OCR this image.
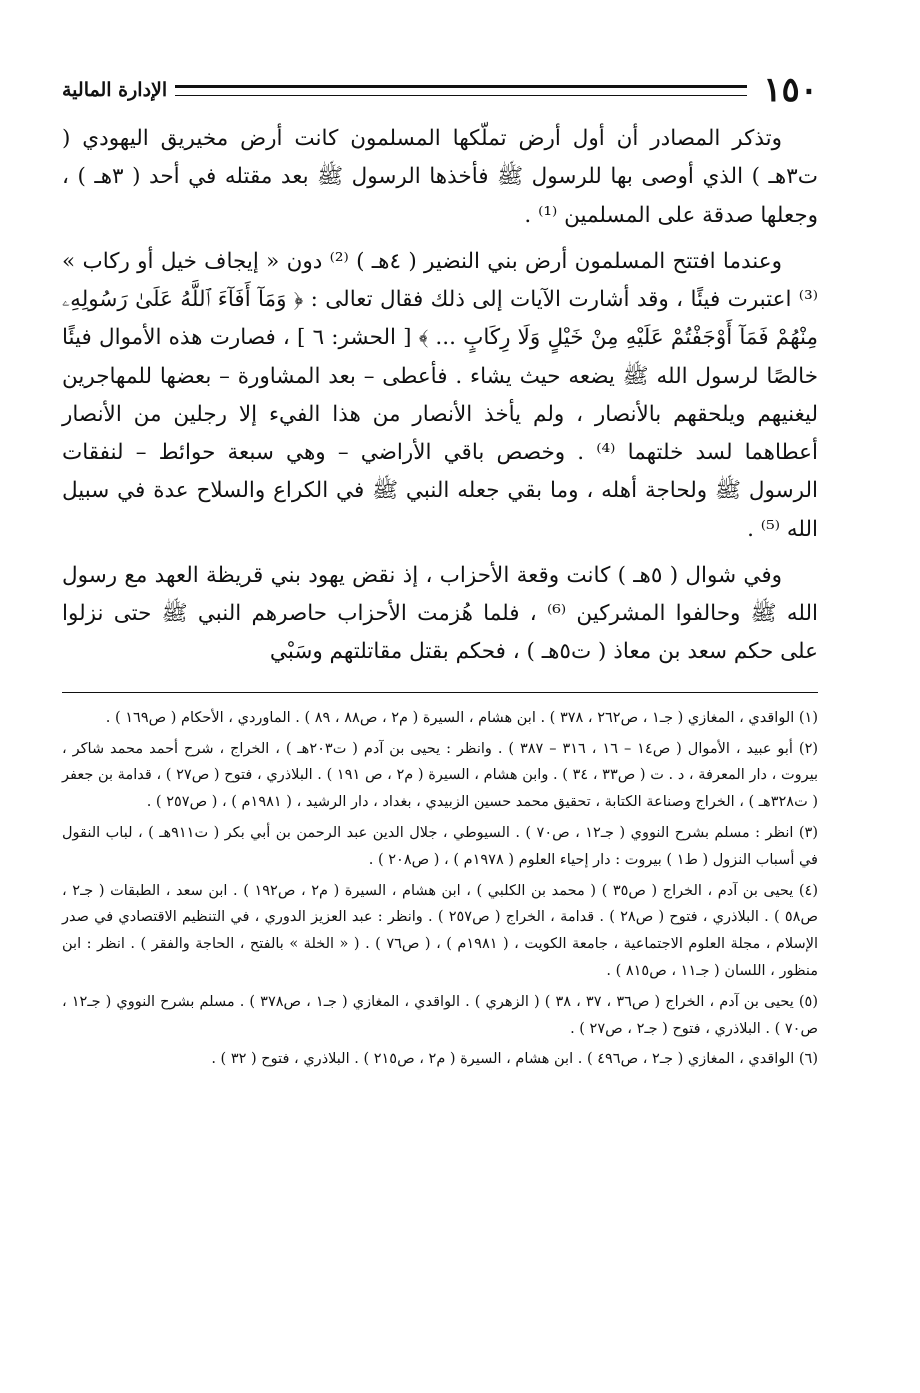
١٥٠
الإدارة المالية

وتذكر المصادر أن أول أرض تملّكها المسلمون كانت أرض مخيريق اليهودي ( ت٣هـ ) الذي أوصى بها للرسول ﷺ فأخذها الرسول ﷺ بعد مقتله في أحد ( ٣هـ ) ، وجعلها صدقة على المسلمين ⁽¹⁾ .

وعندما افتتح المسلمون أرض بني النضير ( ٤هـ ) ⁽²⁾ دون « إيجاف خيل أو ركاب » ⁽³⁾ اعتبرت فيئًا ، وقد أشارت الآيات إلى ذلك فقال تعالى : ﴿ وَمَآ أَفَآءَ ٱللَّهُ عَلَىٰ رَسُولِهِۦ مِنْهُمْ فَمَآ أَوْجَفْتُمْ عَلَيْهِ مِنْ خَيْلٍ وَلَا رِكَابٍ ... ﴾ [ الحشر: ٦ ] ، فصارت هذه الأموال فيئًا خالصًا لرسول الله ﷺ يضعه حيث يشاء . فأعطى – بعد المشاورة – بعضها للمهاجرين ليغنيهم ويلحقهم بالأنصار ، ولم يأخذ الأنصار من هذا الفيء إلا رجلين من الأنصار أعطاهما لسد خلتهما ⁽⁴⁾ . وخصص باقي الأراضي – وهي سبعة حوائط – لنفقات الرسول ﷺ ولحاجة أهله ، وما بقي جعله النبي ﷺ في الكراع والسلاح عدة في سبيل الله ⁽⁵⁾ .

وفي شوال ( ٥هـ ) كانت وقعة الأحزاب ، إذ نقض يهود بني قريظة العهد مع رسول الله ﷺ وحالفوا المشركين ⁽⁶⁾ ، فلما هُزمت الأحزاب حاصرهم النبي ﷺ حتى نزلوا على حكم سعد بن معاذ ( ت٥هـ ) ، فحكم بقتل مقاتلتهم وسَبْي

(١) الواقدي ، المغازي ( جـ١ ، ص٢٦٢ ، ٣٧٨ ) . ابن هشام ، السيرة ( م٢ ، ص٨٨ ، ٨٩ ) . الماوردي ، الأحكام ( ص١٦٩ ) .

(٢) أبو عبيد ، الأموال ( ص١٤ – ١٦ ، ٣١٦ – ٣٨٧ ) . وانظر : يحيى بن آدم ( ت٢٠٣هـ ) ، الخراج ، شرح أحمد محمد شاكر ، بيروت ، دار المعرفة ، د . ت ( ص٣٣ ، ٣٤ ) . وابن هشام ، السيرة ( م٢ ، ص ١٩١ ) . البلاذري ، فتوح ( ص٢٧ ) ، قدامة بن جعفر ( ت٣٢٨هـ ) ، الخراج وصناعة الكتابة ، تحقيق محمد حسين الزبيدي ، بغداد ، دار الرشيد ، ( ١٩٨١م ) ، ( ص٢٥٧ ) .

(٣) انظر : مسلم بشرح النووي ( جـ١٢ ، ص٧٠ ) . السيوطي ، جلال الدين عبد الرحمن بن أبي بكر ( ت٩١١هـ ) ، لباب النقول في أسباب النزول ( ط١ ) بيروت : دار إحياء العلوم ( ١٩٧٨م ) ، ( ص٢٠٨ ) .

(٤) يحيى بن آدم ، الخراج ( ص٣٥ ) ( محمد بن الكلبي ) ، ابن هشام ، السيرة ( م٢ ، ص١٩٢ ) . ابن سعد ، الطبقات ( جـ٢ ، ص٥٨ ) . البلاذري ، فتوح ( ص٢٨ ) . قدامة ، الخراج ( ص٢٥٧ ) . وانظر : عبد العزيز الدوري ، في التنظيم الاقتصادي في صدر الإسلام ، مجلة العلوم الاجتماعية ، جامعة الكويت ، ( ١٩٨١م ) ، ( ص٧٦ ) . ( « الخلة » بالفتح ، الحاجة والفقر ) . انظر : ابن منظور ، اللسان ( جـ١١ ، ص٨١٥ ) .

(٥) يحيى بن آدم ، الخراج ( ص٣٦ ، ٣٧ ، ٣٨ ) ( الزهري ) . الواقدي ، المغازي ( جـ١ ، ص٣٧٨ ) . مسلم بشرح النووي ( جـ١٢ ، ص٧٠ ) . البلاذري ، فتوح ( جـ٢ ، ص٢٧ ) .

(٦) الواقدي ، المغازي ( جـ٢ ، ص٤٩٦ ) . ابن هشام ، السيرة ( م٢ ، ص٢١٥ ) . البلاذري ، فتوح ( ٣٢ ) .
